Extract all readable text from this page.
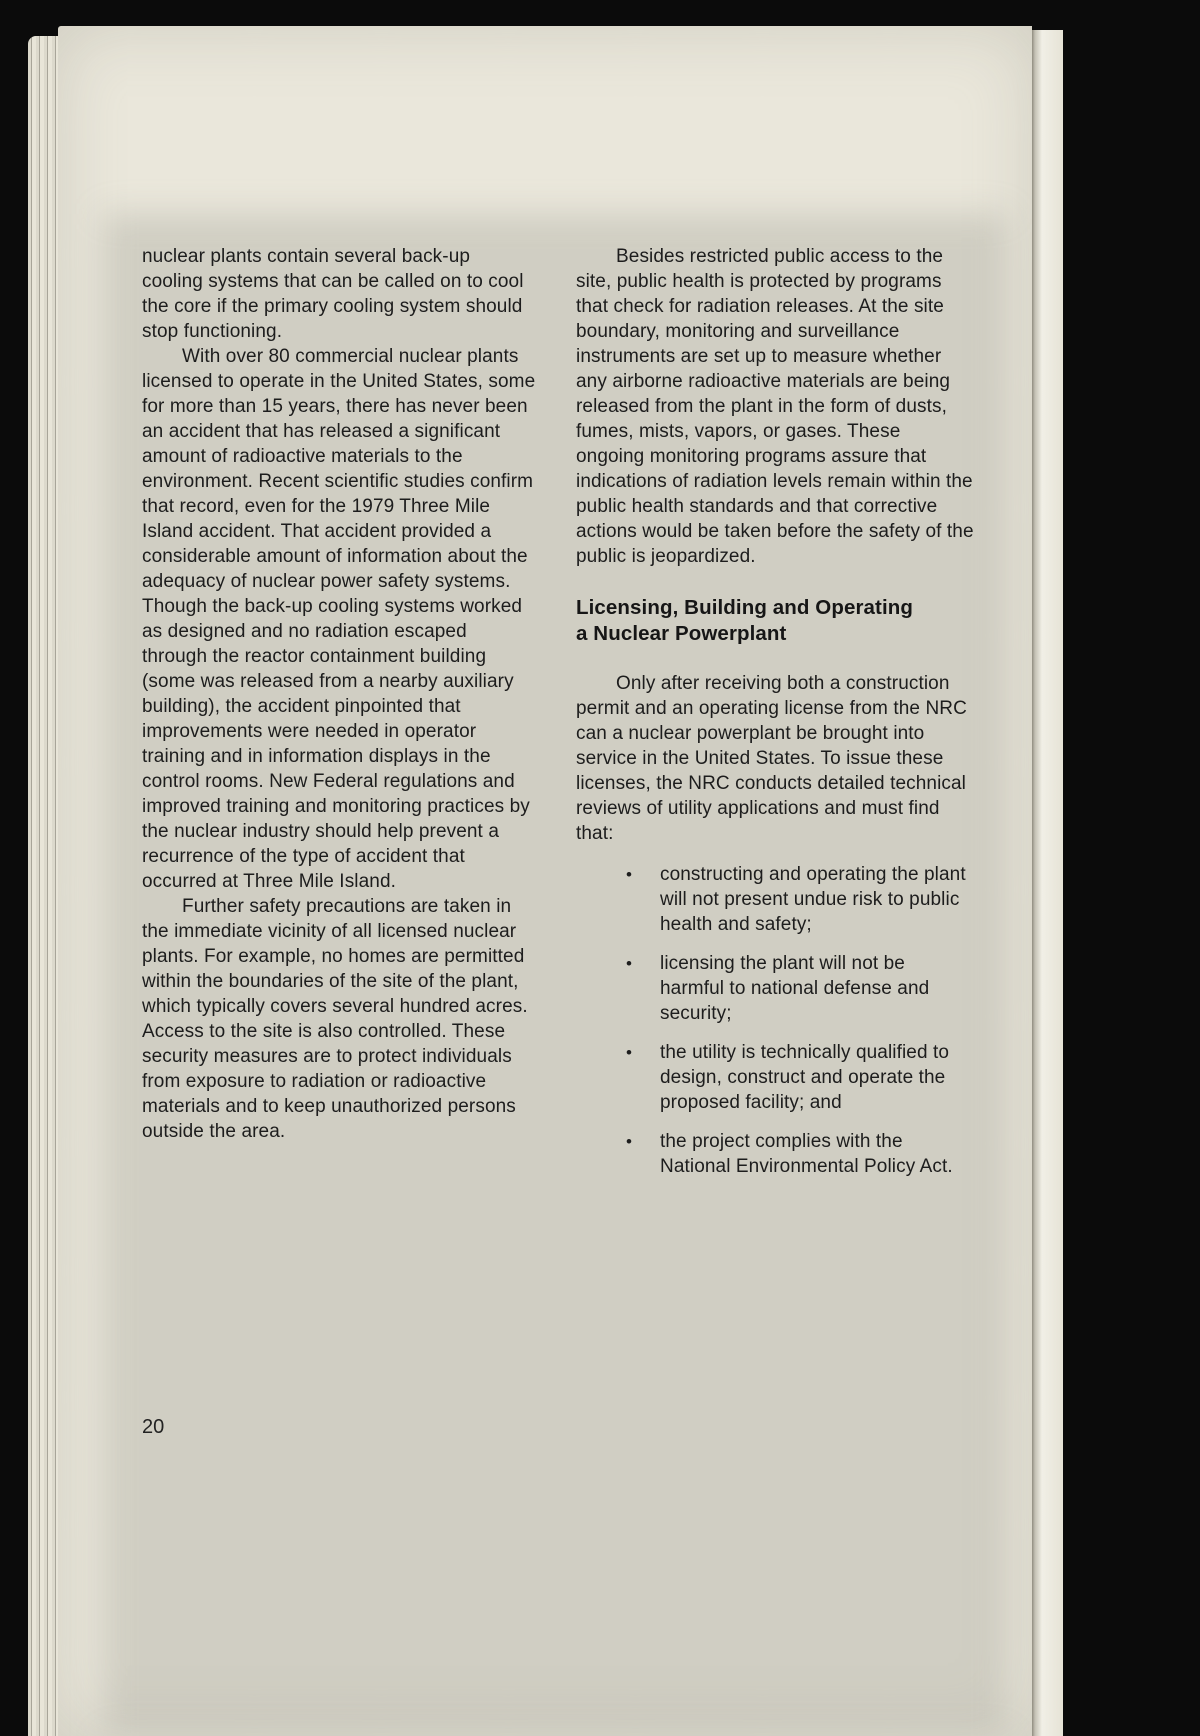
nuclear plants contain several back-up cooling systems that can be called on to cool the core if the primary cooling system should stop functioning.

With over 80 commercial nuclear plants licensed to operate in the United States, some for more than 15 years, there has never been an accident that has released a significant amount of radioactive materials to the environment. Recent scientific studies confirm that record, even for the 1979 Three Mile Island accident. That accident provided a considerable amount of information about the adequacy of nuclear power safety systems. Though the back-up cooling systems worked as designed and no radiation escaped through the reactor containment building (some was released from a nearby auxiliary building), the accident pinpointed that improvements were needed in operator training and in information displays in the control rooms. New Federal regulations and improved training and monitoring practices by the nuclear industry should help prevent a recurrence of the type of accident that occurred at Three Mile Island.

Further safety precautions are taken in the immediate vicinity of all licensed nuclear plants. For example, no homes are permitted within the boundaries of the site of the plant, which typically covers several hundred acres. Access to the site is also controlled. These security measures are to protect individuals from exposure to radiation or radioactive materials and to keep unauthorized persons outside the area.

Besides restricted public access to the site, public health is protected by programs that check for radiation releases. At the site boundary, monitoring and surveillance instruments are set up to measure whether any airborne radioactive materials are being released from the plant in the form of dusts, fumes, mists, vapors, or gases. These ongoing monitoring programs assure that indications of radiation levels remain within the public health standards and that corrective actions would be taken before the safety of the public is jeopardized.

Licensing, Building and Operating a Nuclear Powerplant

Only after receiving both a construction permit and an operating license from the NRC can a nuclear powerplant be brought into service in the United States. To issue these licenses, the NRC conducts detailed technical reviews of utility applications and must find that:

•	constructing and operating the plant will not present undue risk to public health and safety;
•	licensing the plant will not be harmful to national defense and security;
•	the utility is technically qualified to design, construct and operate the proposed facility; and
•	the project complies with the National Environmental Policy Act.
20
